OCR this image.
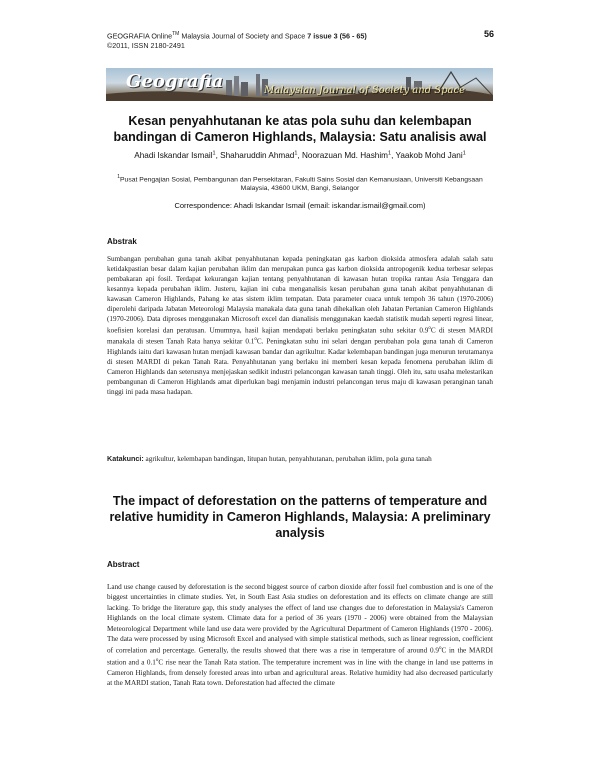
GEOGRAFIA Online™ Malaysia Journal of Society and Space 7 issue 3 (56 - 65)
©2011, ISSN 2180-2491
56
Geografia	Malaysian Journal of Society and Space
Kesan penyahhutanan ke atas pola suhu dan kelembapan bandingan di Cameron Highlands, Malaysia: Satu analisis awal
Ahadi Iskandar Ismail$^1$, Shaharuddin Ahmad$^1$, Noorazuan Md. Hashim$^1$, Yaakob Mohd Jani$^1$
$^1$Pusat Pengajian Sosial, Pembangunan dan Persekitaran, Fakulti Sains Sosial dan Kemanusiaan, Universiti Kebangsaan Malaysia, 43600 UKM, Bangi, Selangor
Correspondence: Ahadi Iskandar Ismail (email: iskandar.ismail@gmail.com)
Abstrak
Sumbangan perubahan guna tanah akibat penyahhutanan kepada peningkatan gas karbon dioksida atmosfera adalah salah satu ketidakpastian besar dalam kajian perubahan iklim dan merupakan punca gas karbon dioksida antropogenik kedua terbesar selepas pembakaran api fosil. Terdapat kekurangan kajian tentang penyahhutanan di kawasan hutan tropika rantau Asia Tenggara dan kesannya kepada perubahan iklim. Justeru, kajian ini cuba menganalisis kesan perubahan guna tanah akibat penyahhutanan di kawasan Cameron Highlands, Pahang ke atas sistem iklim tempatan. Data parameter cuaca untuk tempoh 36 tahun (1970-2006) diperolehi daripada Jabatan Meteorologi Malaysia manakala data guna tanah dihekalkan oleh Jabatan Pertanian Cameron Highlands (1970-2006). Data diproses menggunakan Microsoft excel dan dianalisis menggunakan kaedah statistik mudah seperti regresi linear, koefisien korelasi dan peratusan. Umumnya, hasil kajian mendapati berlaku peningkatan suhu sekitar 0.9$^o$C di stesen MARDI manakala di stesen Tanah Rata hanya sekitar 0.1$^o$C. Peningkatan suhu ini selari dengan perubahan pola guna tanah di Cameron Highlands iaitu dari kawasan hutan menjadi kawasan bandar dan agrikultur. Kadar kelembapan bandingan juga menurun terutamanya di stesen MARDI di pekan Tanah Rata. Penyahhutanan yang berlaku ini memberi kesan kepada fenomena perubahan iklim di Cameron Highlands dan seterusnya menjejaskan sedikit industri pelancongan kawasan tanah tinggi. Oleh itu, satu usaha melestarikan pembangunan di Cameron Highlands amat diperlukan bagi menjamin industri pelancongan terus maju di kawasan peranginan tanah tinggi ini pada masa hadapan.
Katakunci: agrikultur, kelembapan bandingan, litupan hutan, penyahhutanan, perubahan iklim, pola guna tanah
The impact of deforestation on the patterns of temperature and relative humidity in Cameron Highlands, Malaysia: A preliminary analysis
Abstract
Land use change caused by deforestation is the second biggest source of carbon dioxide after fossil fuel combustion and is one of the biggest uncertainties in climate studies. Yet, in South East Asia studies on deforestation and its effects on climate change are still lacking. To bridge the literature gap, this study analyses the effect of land use changes due to deforestation in Malaysia's Cameron Highlands on the local climate system. Climate data for a period of 36 years (1970 - 2006) were obtained from the Malaysian Meteorological Department while land use data were provided by the Agricultural Department of Cameron Highlands (1970 - 2006). The data were processed by using Microsoft Excel and analysed with simple statistical methods, such as linear regression, coefficient of correlation and percentage. Generally, the results showed that there was a rise in temperature of around 0.9$^o$C in the MARDI station and a 0.1$^o$C rise near the Tanah Rata station. The temperature increment was in line with the change in land use patterns in Cameron Highlands, from densely forested areas into urban and agricultural areas. Relative humidity had also decreased particularly at the MARDI station, Tanah Rata town. Deforestation had affected the climate
